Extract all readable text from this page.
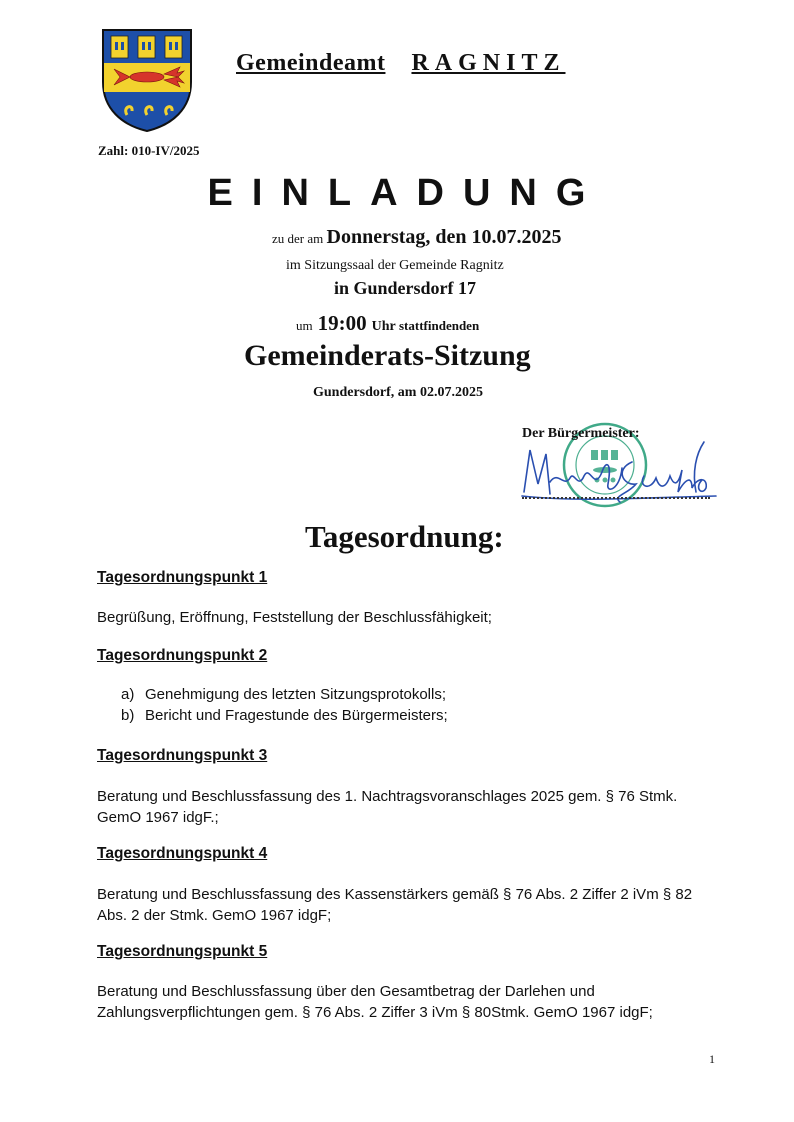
Gemeindeamt RAGNITZ
Zahl: 010-IV/2025
EINLADUNG
zu der am Donnerstag, den 10.07.2025
im Sitzungssaal der Gemeinde Ragnitz
in Gundersdorf 17
um 19:00 Uhr stattfindenden
Gemeinderats-Sitzung
Gundersdorf, am 02.07.2025
Der Bürgermeister:
Tagesordnung:
Tagesordnungspunkt 1
Begrüßung, Eröffnung, Feststellung der Beschlussfähigkeit;
Tagesordnungspunkt 2
a) Genehmigung des letzten Sitzungsprotokolls;
b) Bericht und Fragestunde des Bürgermeisters;
Tagesordnungspunkt 3
Beratung und Beschlussfassung des 1. Nachtragsvoranschlages 2025 gem. § 76 Stmk. GemO 1967 idgF.;
Tagesordnungspunkt 4
Beratung und Beschlussfassung des Kassenstärkers gemäß § 76 Abs. 2 Ziffer 2 iVm § 82 Abs. 2 der Stmk. GemO 1967 idgF;
Tagesordnungspunkt 5
Beratung und Beschlussfassung über den Gesamtbetrag der Darlehen und Zahlungsverpflichtungen gem. § 76 Abs. 2 Ziffer 3 iVm § 80Stmk. GemO 1967 idgF;
1
